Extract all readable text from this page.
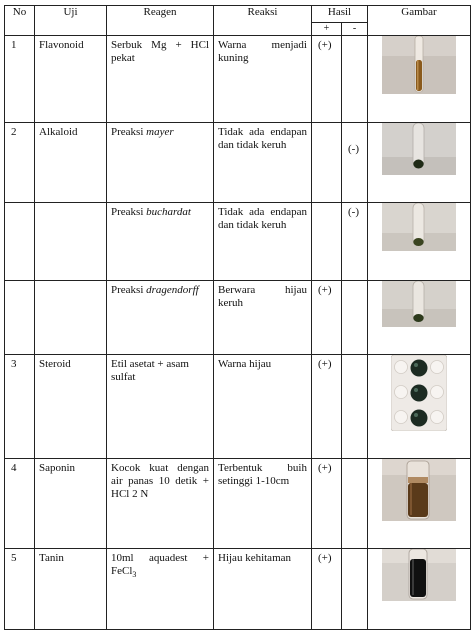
No	Uji	Reagen	Reaksi	Hasil		Gambar
				+	-	

1	Flavonoid	Serbuk Mg + HCl pekat	Warna menjadi kuning	(+)

2	Alkaloid	Preaksi mayer	Tidak ada endapan dan tidak keruh		(-)

		Preaksi buchardat	Tidak ada endapan dan tidak keruh		(-)

		Preaksi dragendorff	Berwara hijau keruh	(+)

3	Steroid	Etil asetat + asam sulfat	Warna hijau	(+)

4	Saponin	Kocok kuat dengan air panas 10 detik + HCl 2 N	Terbentuk buih setinggi 1-10cm	(+)

5	Tanin	10ml aquadest + FeCl$_3$	Hijau kehitaman	(+)
